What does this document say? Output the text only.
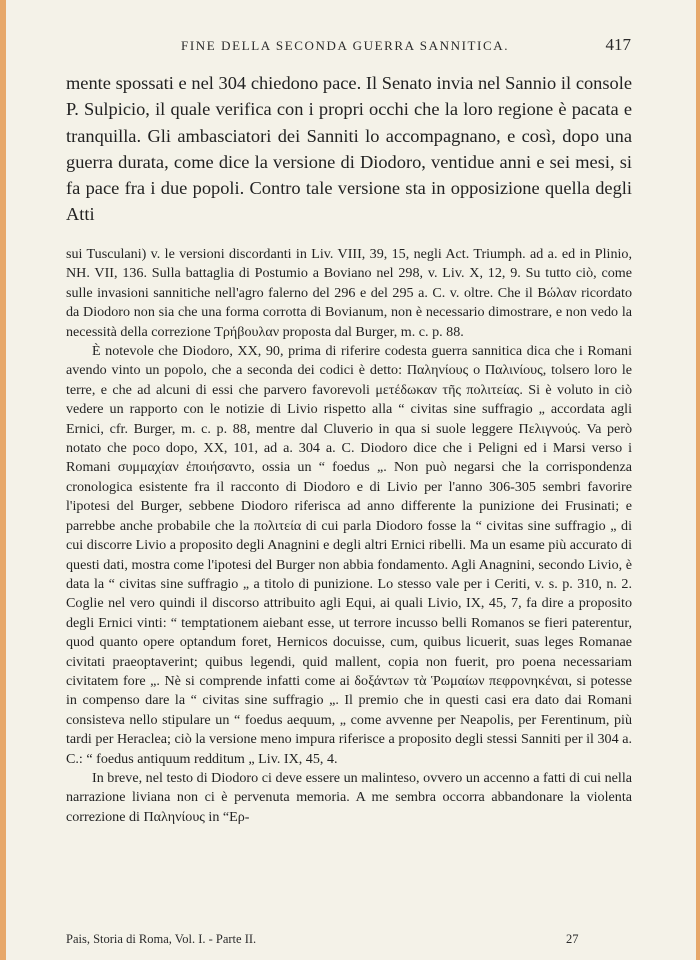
FINE DELLA SECONDA GUERRA SANNITICA.	417

mente spossati e nel 304 chiedono pace. Il Senato invia nel Sannio il console P. Sulpicio, il quale verifica con i propri occhi che la loro regione è pacata e tranquilla. Gli ambasciatori dei Sanniti lo accompagnano, e così, dopo una guerra durata, come dice la versione di Diodoro, ventidue anni e sei mesi, si fa pace fra i due popoli. Contro tale versione sta in opposizione quella degli Atti

sui Tusculani) v. le versioni discordanti in Liv. VIII, 39, 15, negli Act. Triumph. ad a. ed in Plinio, NH. VII, 136. Sulla battaglia di Postumio a Boviano nel 298, v. Liv. X, 12, 9. Su tutto ciò, come sulle invasioni sannitiche nell'agro falerno del 296 e del 295 a. C. v. oltre. Che il Βώλαν ricordato da Diodoro non sia che una forma corrotta di Bovianum, non è necessario dimostrare, e non vedo la necessità della correzione Τρήβουλαν proposta dal Burger, m. c. p. 88.

È notevole che Diodoro, XX, 90, prima di riferire codesta guerra sannitica dica che i Romani avendo vinto un popolo, che a seconda dei codici è detto: Παληνίους o Παλινίους, tolsero loro le terre, e che ad alcuni di essi che parvero favorevoli μετέδωκαν τῆς πολιτείας. Si è voluto in ciò vedere un rapporto con le notizie di Livio rispetto alla “ civitas sine suffragio „ accordata agli Ernici, cfr. Burger, m. c. p. 88, mentre dal Cluverio in qua si suole leggere Πελιγνούς. Va però notato che poco dopo, XX, 101, ad a. 304 a. C. Diodoro dice che i Peligni ed i Marsi verso i Romani συμμαχίαν ἐποιήσαντο, ossia un “ foedus „. Non può negarsi che la corrispondenza cronologica esistente fra il racconto di Diodoro e di Livio per l'anno 306-305 sembri favorire l'ipotesi del Burger, sebbene Diodoro riferisca ad anno differente la punizione dei Frusinati; e parrebbe anche probabile che la πολιτεία di cui parla Diodoro fosse la “ civitas sine suffragio „ di cui discorre Livio a proposito degli Anagnini e degli altri Ernici ribelli. Ma un esame più accurato di questi dati, mostra come l'ipotesi del Burger non abbia fondamento. Agli Anagnini, secondo Livio, è data la “ civitas sine suffragio „ a titolo di punizione. Lo stesso vale per i Ceriti, v. s. p. 310, n. 2. Coglie nel vero quindi il discorso attribuito agli Equi, ai quali Livio, IX, 45, 7, fa dire a proposito degli Ernici vinti: “ temptationem aiebant esse, ut terrore incusso belli Romanos se fieri paterentur, quod quanto opere optandum foret, Hernicos docuisse, cum, quibus licuerit, suas leges Romanae civitati praeoptaverint; quibus legendi, quid mallent, copia non fuerit, pro poena necessariam civitatem fore „. Nè si comprende infatti come ai δοξάντων τὰ Ῥωμαίων πεφρονηκέναι, si potesse in compenso dare la “ civitas sine suffragio „. Il premio che in questi casi era dato dai Romani consisteva nello stipulare un “ foedus aequum, „ come avvenne per Neapolis, per Ferentinum, più tardi per Heraclea; ciò la versione meno impura riferisce a proposito degli stessi Sanniti per il 304 a. C.: “ foedus antiquum redditum „ Liv. IX, 45, 4.

In breve, nel testo di Diodoro ci deve essere un malinteso, ovvero un accenno a fatti di cui nella narrazione liviana non ci è pervenuta memoria. A me sembra occorra abbandonare la violenta correzione di Παληνίους in “Ερ-

Pais, Storia di Roma, Vol. I. - Parte II.	27
